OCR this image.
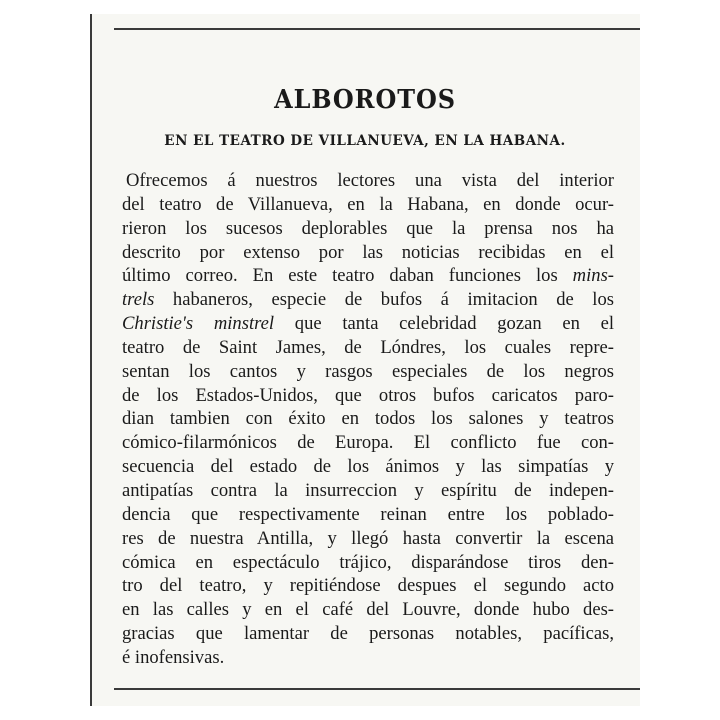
ALBOROTOS
EN EL TEATRO DE VILLANUEVA, EN LA HABANA.
Ofrecemos á nuestros lectores una vista del interior
del teatro de Villanueva, en la Habana, en donde ocur-
rieron los sucesos deplorables que la prensa nos ha
descrito por extenso por las noticias recibidas en el
último correo. En este teatro daban funciones los mins-
trels habaneros, especie de bufos á imitacion de los
Christie's minstrel que tanta celebridad gozan en el
teatro de Saint James, de Lóndres, los cuales repre-
sentan los cantos y rasgos especiales de los negros
de los Estados-Unidos, que otros bufos caricatos paro-
dian tambien con éxito en todos los salones y teatros
cómico-filarmónicos de Europa. El conflicto fue con-
secuencia del estado de los ánimos y las simpatías y
antipatías contra la insurreccion y espíritu de indepen-
dencia que respectivamente reinan entre los poblado-
res de nuestra Antilla, y llegó hasta convertir la escena
cómica en espectáculo trájico, disparándose tiros den-
tro del teatro, y repitiéndose despues el segundo acto
en las calles y en el café del Louvre, donde hubo des-
gracias que lamentar de personas notables, pacíficas,
é inofensivas.
